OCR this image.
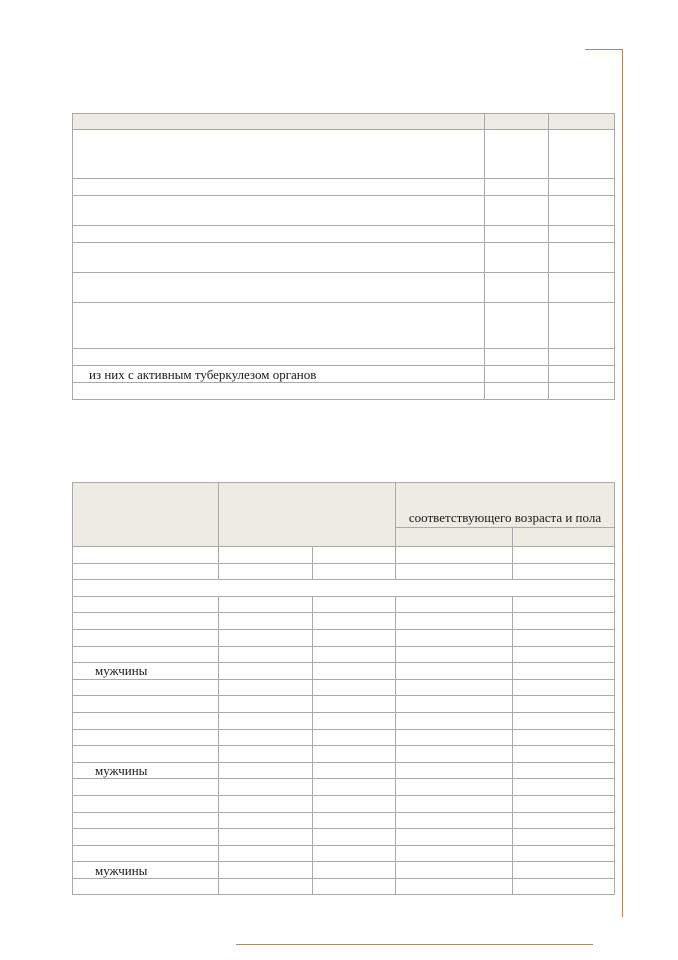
из них с активным туберкулезом органов		

			соответствующего возраста и пола	

мужчины				

мужчины				

мужчины				
